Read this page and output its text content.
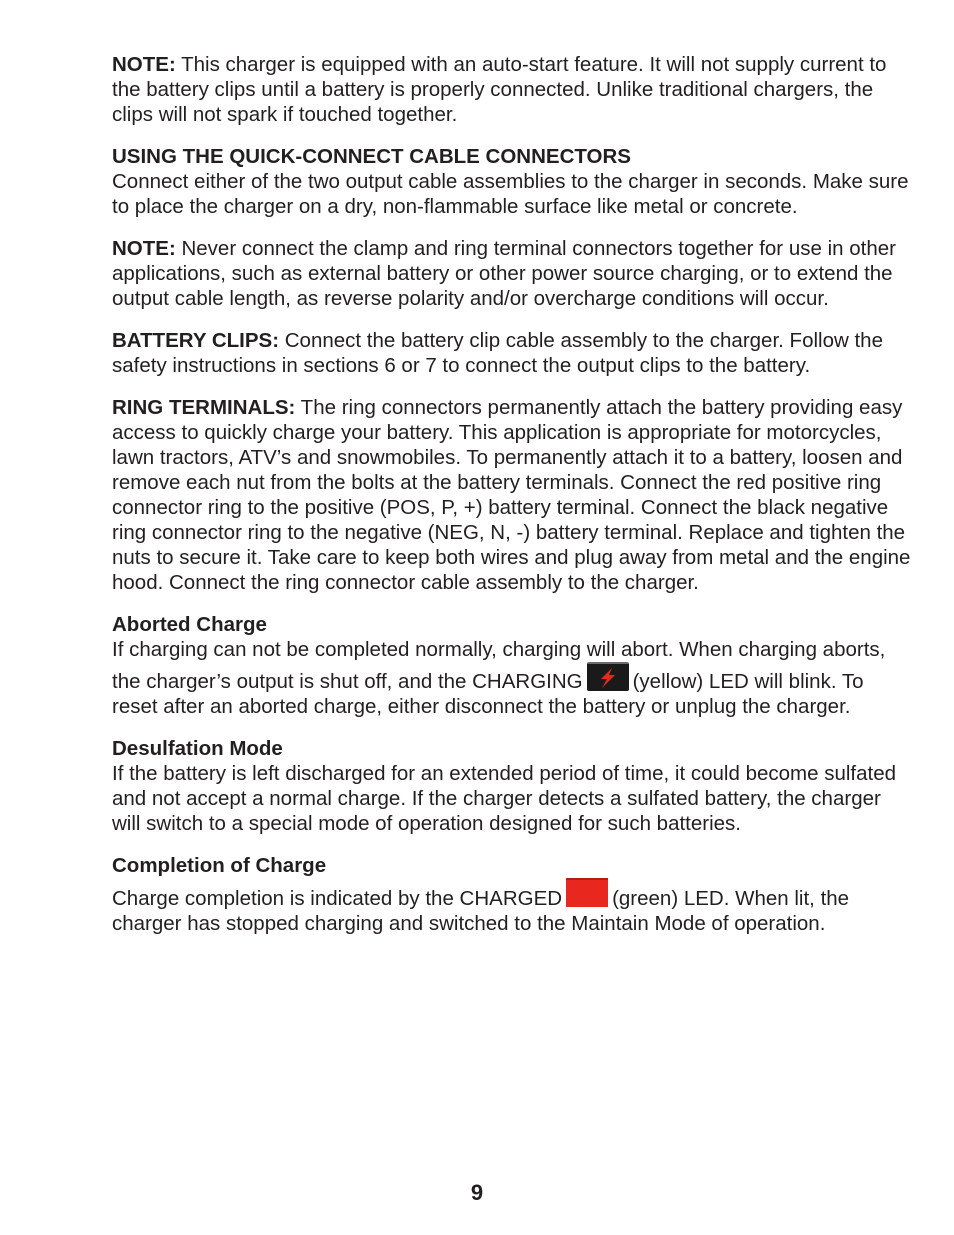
NOTE: This charger is equipped with an auto-start feature. It will not supply current to the battery clips until a battery is properly connected. Unlike traditional chargers, the clips will not spark if touched together.

USING THE QUICK-CONNECT CABLE CONNECTORS

Connect either of the two output cable assemblies to the charger in seconds. Make sure to place the charger on a dry, non-flammable surface like metal or concrete.

NOTE: Never connect the clamp and ring terminal connectors together for use in other applications, such as external battery or other power source charging, or to extend the output cable length, as reverse polarity and/or overcharge conditions will occur.

BATTERY CLIPS: Connect the battery clip cable assembly to the charger. Follow the safety instructions in sections 6 or 7 to connect the output clips to the battery.

RING TERMINALS: The ring connectors permanently attach the battery providing easy access to quickly charge your battery. This application is appropriate for motorcycles, lawn tractors, ATV’s and snowmobiles. To permanently attach it to a battery, loosen and remove each nut from the bolts at the battery terminals. Connect the red positive ring connector ring to the positive (POS, P, +) battery terminal. Connect the black negative ring connector ring to the negative (NEG, N, -) battery terminal. Replace and tighten the nuts to secure it. Take care to keep both wires and plug away from metal and the engine hood. Connect the ring connector cable assembly to the charger.

Aborted Charge

If charging can not be completed normally, charging will abort. When charging aborts, the charger’s output is shut off, and the CHARGING (yellow) LED will blink. To reset after an aborted charge, either disconnect the battery or unplug the charger.

Desulfation Mode

If the battery is left discharged for an extended period of time, it could become sulfated and not accept a normal charge. If the charger detects a sulfated battery, the charger will switch to a special mode of operation designed for such batteries.

Completion of Charge

Charge completion is indicated by the CHARGED (green) LED. When lit, the charger has stopped charging and switched to the Maintain Mode of operation.

9
